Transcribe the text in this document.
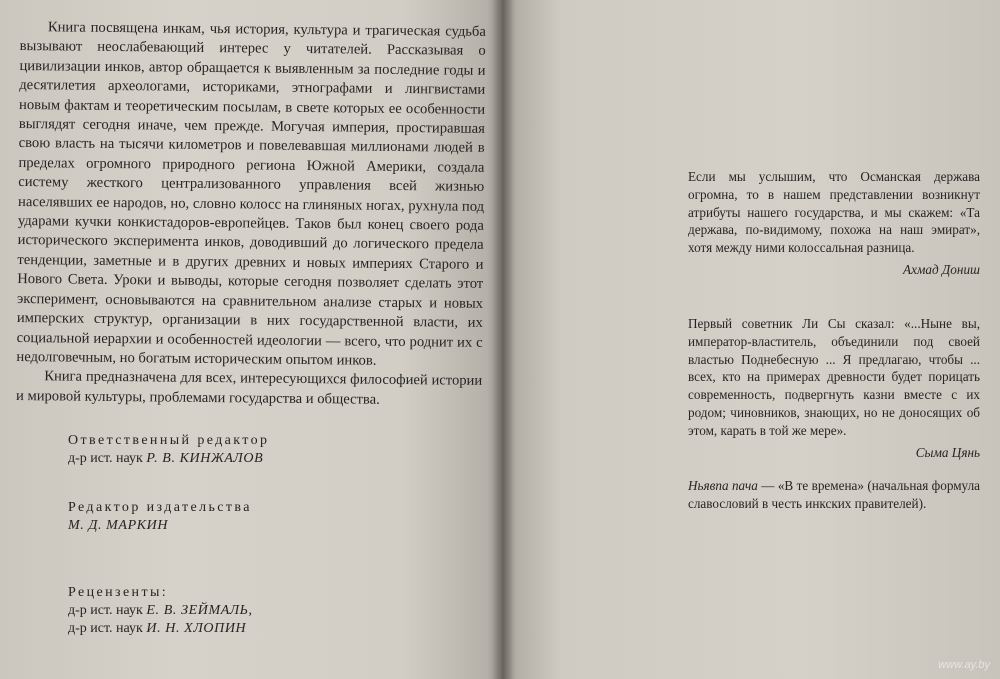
Книга посвящена инкам, чья история, культура и трагическая судьба вызывают неослабевающий интерес у читателей. Рассказывая о цивилизации инков, автор обращается к выявленным за последние годы и десятилетия археологами, историками, этнографами и лингвистами новым фактам и теоретическим посылам, в свете которых ее особенности выглядят сегодня иначе, чем прежде. Могучая империя, простиравшая свою власть на тысячи километров и повелевавшая миллионами людей в пределах огромного природного региона Южной Америки, создала систему жесткого централизованного управления всей жизнью населявших ее народов, но, словно колосс на глиняных ногах, рухнула под ударами кучки конкистадоров-европейцев. Таков был конец своего рода исторического эксперимента инков, доводивший до логического предела тенденции, заметные и в других древних и новых империях Старого и Нового Света. Уроки и выводы, которые сегодня позволяет сделать этот эксперимент, основываются на сравнительном анализе старых и новых имперских структур, организации в них государственной власти, их социальной иерархии и особенностей идеологии — всего, что роднит их с недолговечным, но богатым историческим опытом инков.

Книга предназначена для всех, интересующихся философией истории и мировой культуры, проблемами государства и общества.

Ответственный редактор
д-р ист. наук Р. В. КИНЖАЛОВ
Редактор издательства
М. Д. МАРКИН
Рецензенты:
д-р ист. наук Е. В. ЗЕЙМАЛЬ,
д-р ист. наук И. Н. ХЛОПИН

Если мы услышим, что Османская держава огромна, то в нашем представлении возникнут атрибуты нашего государства, и мы скажем: «Та держава, по-видимому, похожа на наш эмират», хотя между ними колоссальная разница.

Ахмад Дониш

Первый советник Ли Сы сказал: «...Ныне вы, император-властитель, объединили под своей властью Поднебесную ... Я предлагаю, чтобы ... всех, кто на примерах древности будет порицать современность, подвергнуть казни вместе с их родом; чиновников, знающих, но не доносящих об этом, карать в той же мере».

Сыма Цянь

Ньявпа пача — «В те времена» (начальная формула славословий в честь инкских правителей).
www.ay.by
